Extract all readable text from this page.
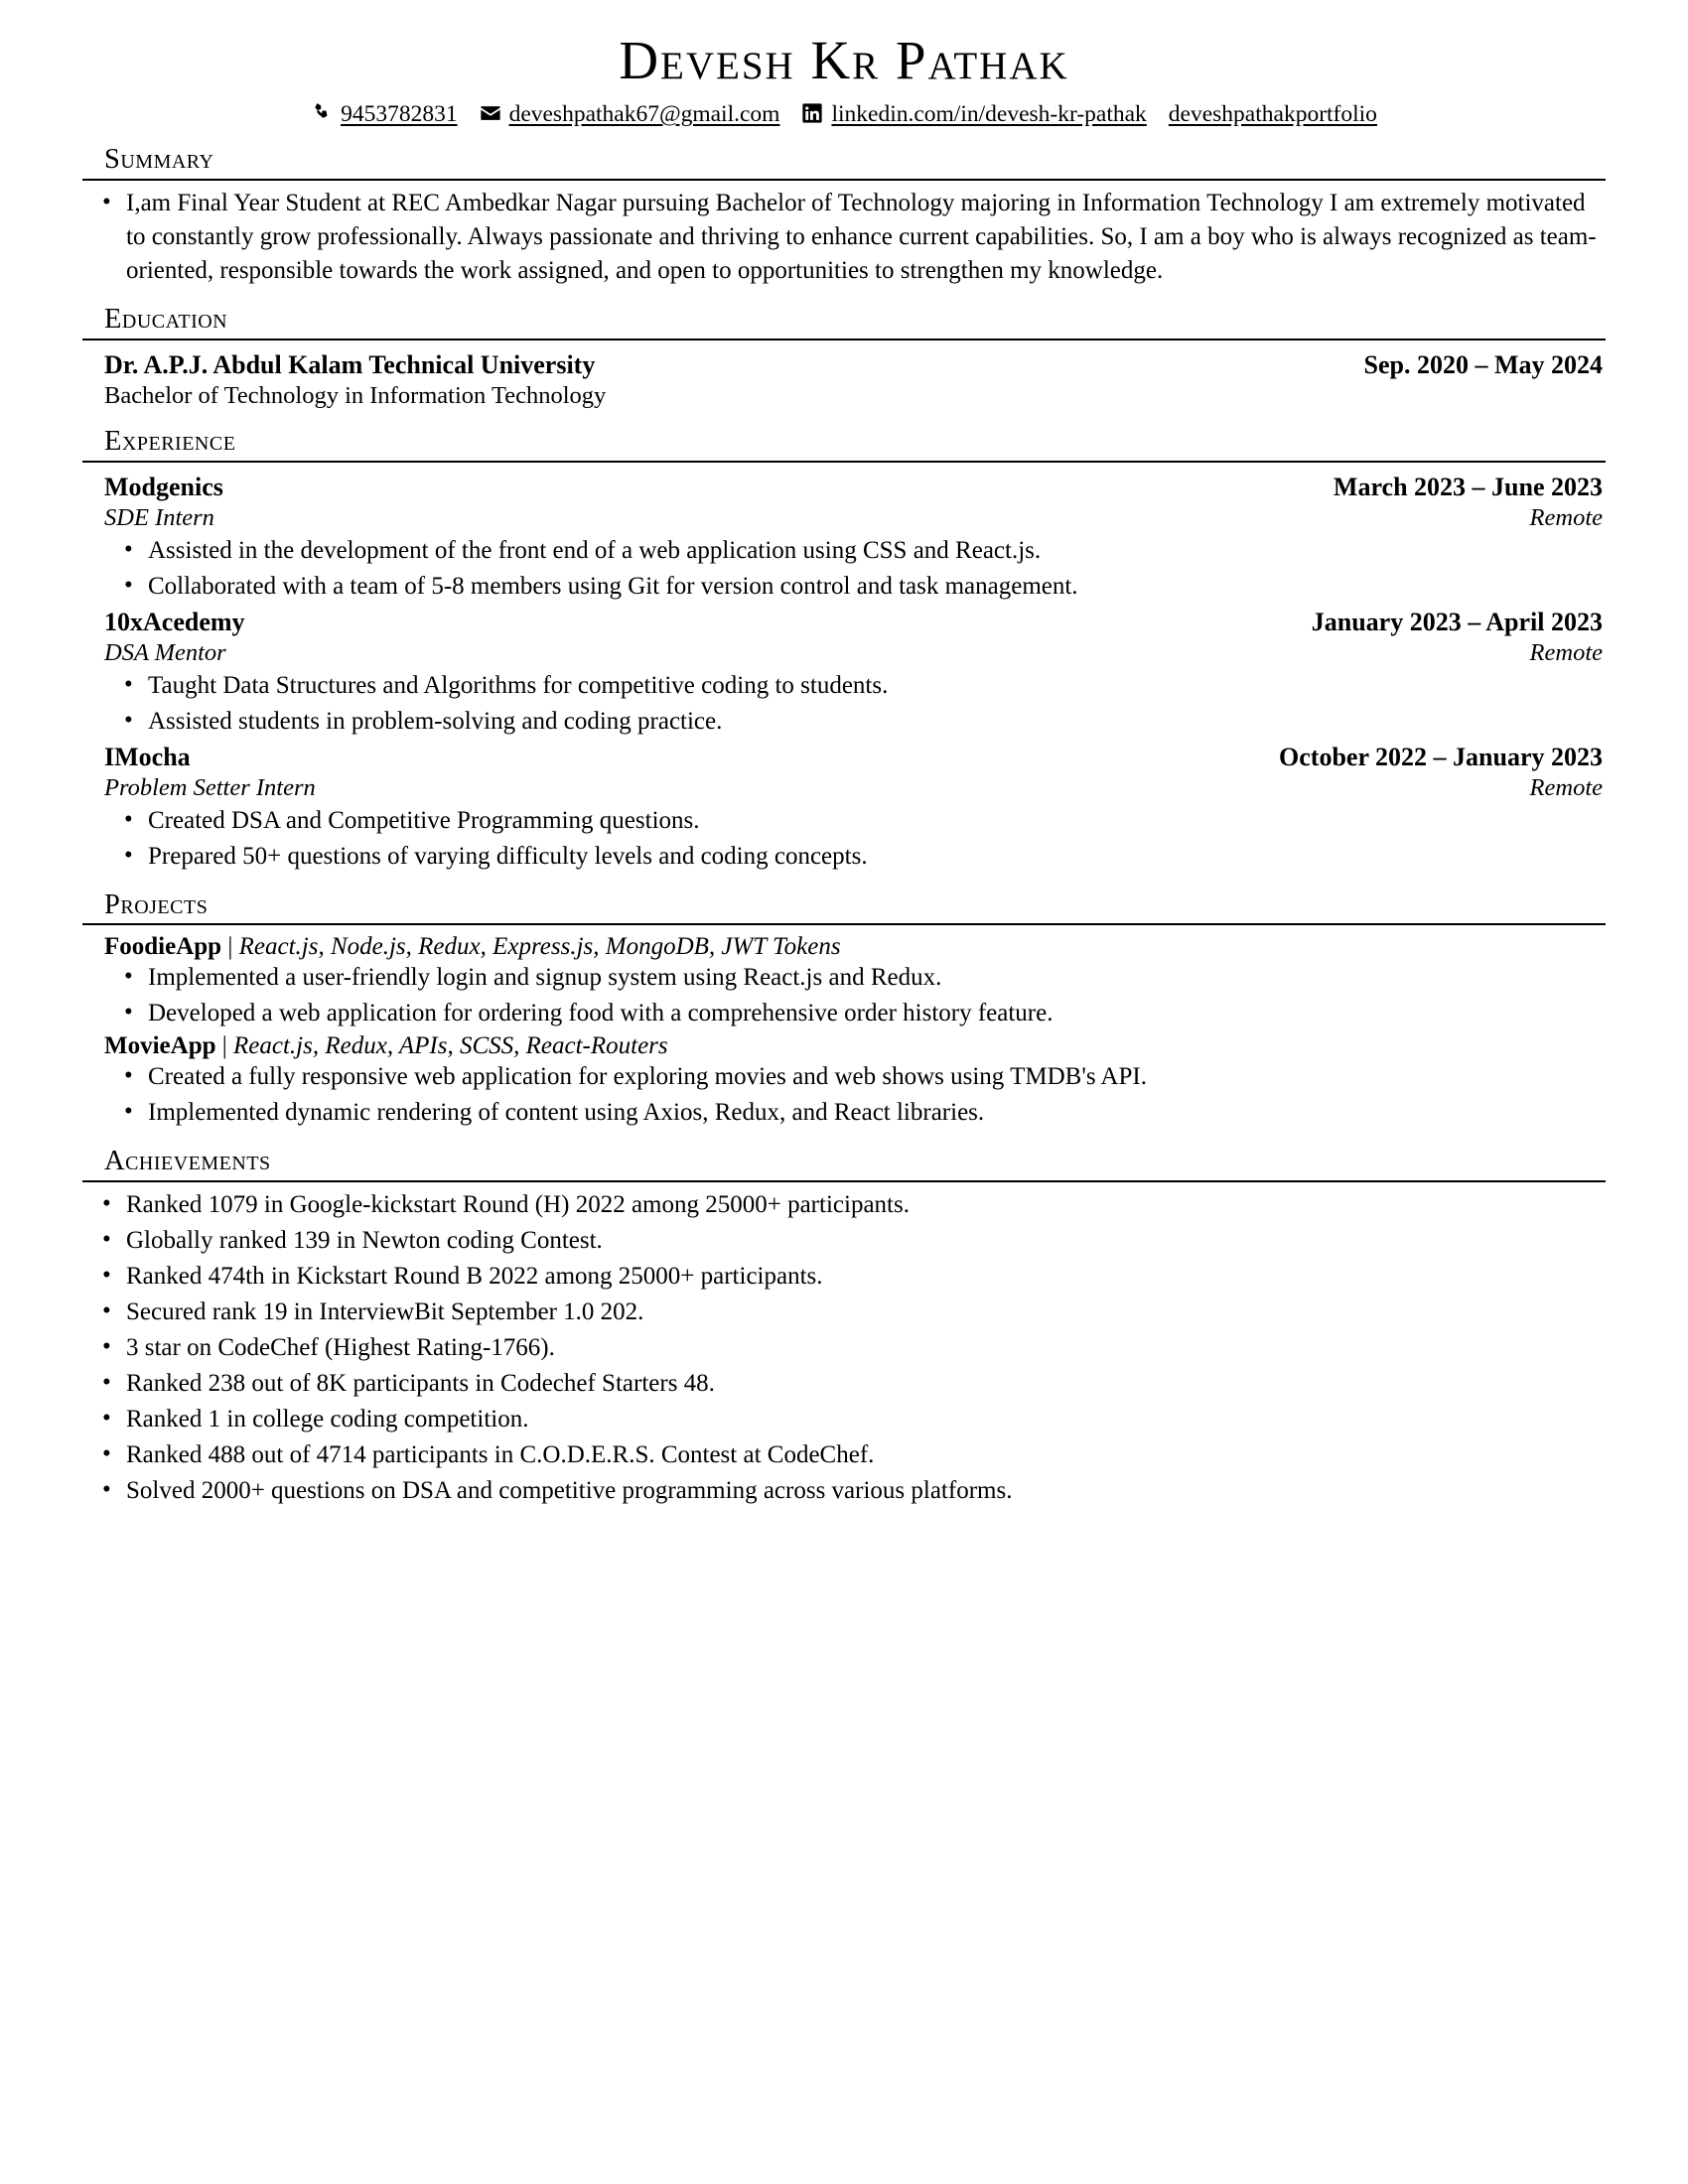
Devesh Kr Pathak
9453782831 deveshpathak67@gmail.com linkedin.com/in/devesh-kr-pathak deveshpathakportfolio
Summary
• I,am Final Year Student at REC Ambedkar Nagar pursuing Bachelor of Technology majoring in Information Technology I am extremely motivated to constantly grow professionally. Always passionate and thriving to enhance current capabilities. So, I am a boy who is always recognized as team-oriented, responsible towards the work assigned, and open to opportunities to strengthen my knowledge.
Education
Dr. A.P.J. Abdul Kalam Technical University	Sep. 2020 – May 2024
Bachelor of Technology in Information Technology
Experience
Modgenics	March 2023 – June 2023
SDE Intern	Remote
• Assisted in the development of the front end of a web application using CSS and React.js.
• Collaborated with a team of 5-8 members using Git for version control and task management.
10xAcedemy	January 2023 – April 2023
DSA Mentor	Remote
• Taught Data Structures and Algorithms for competitive coding to students.
• Assisted students in problem-solving and coding practice.
IMocha	October 2022 – January 2023
Problem Setter Intern	Remote
• Created DSA and Competitive Programming questions.
• Prepared 50+ questions of varying difficulty levels and coding concepts.
Projects
FoodieApp | React.js, Node.js, Redux, Express.js, MongoDB, JWT Tokens
• Implemented a user-friendly login and signup system using React.js and Redux.
• Developed a web application for ordering food with a comprehensive order history feature.
MovieApp | React.js, Redux, APIs, SCSS, React-Routers
• Created a fully responsive web application for exploring movies and web shows using TMDB's API.
• Implemented dynamic rendering of content using Axios, Redux, and React libraries.
Achievements
• Ranked 1079 in Google-kickstart Round (H) 2022 among 25000+ participants.
• Globally ranked 139 in Newton coding Contest.
• Ranked 474th in Kickstart Round B 2022 among 25000+ participants.
• Secured rank 19 in InterviewBit September 1.0 202.
• 3 star on CodeChef (Highest Rating-1766).
• Ranked 238 out of 8K participants in Codechef Starters 48.
• Ranked 1 in college coding competition.
• Ranked 488 out of 4714 participants in C.O.D.E.R.S. Contest at CodeChef.
• Solved 2000+ questions on DSA and competitive programming across various platforms.
